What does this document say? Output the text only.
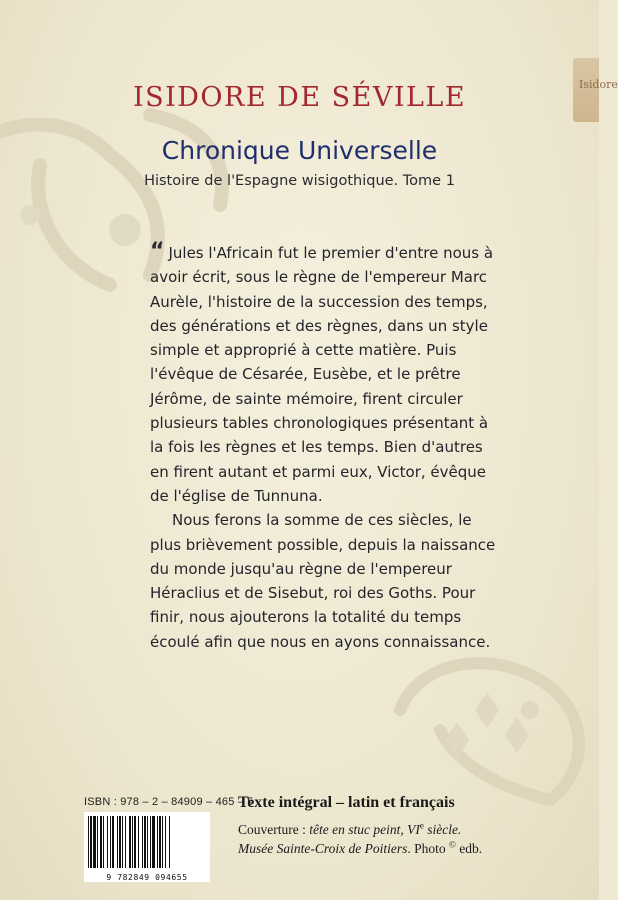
Isidore
ISIDORE DE SÉVILLE
Chronique Universelle
Histoire de l'Espagne wisigothique. Tome 1

“ Jules l'Africain fut le premier d'entre nous à avoir écrit, sous le règne de l'empereur Marc Aurèle, l'histoire de la succession des temps, des générations et des règnes, dans un style simple et approprié à cette matière. Puis l'évêque de Césarée, Eusèbe, et le prêtre Jérôme, de sainte mémoire, firent circuler plusieurs tables chronologiques présentant à la fois les règnes et les temps. Bien d'autres en firent autant et parmi eux, Victor, évêque de l'église de Tunnuna.

Nous ferons la somme de ces siècles, le plus brièvement possible, depuis la naissance du monde jusqu'au règne de l'empereur Héraclius et de Sisebut, roi des Goths. Pour finir, nous ajouterons la totalité du temps écoulé afin que nous en ayons connaissance.

ISBN : 978 – 2 – 84909 – 465 – 5
9 782849 094655
Texte intégral – latin et français
Couverture : tête en stuc peint, VIe siècle.
Musée Sainte-Croix de Poitiers. Photo © edb.
